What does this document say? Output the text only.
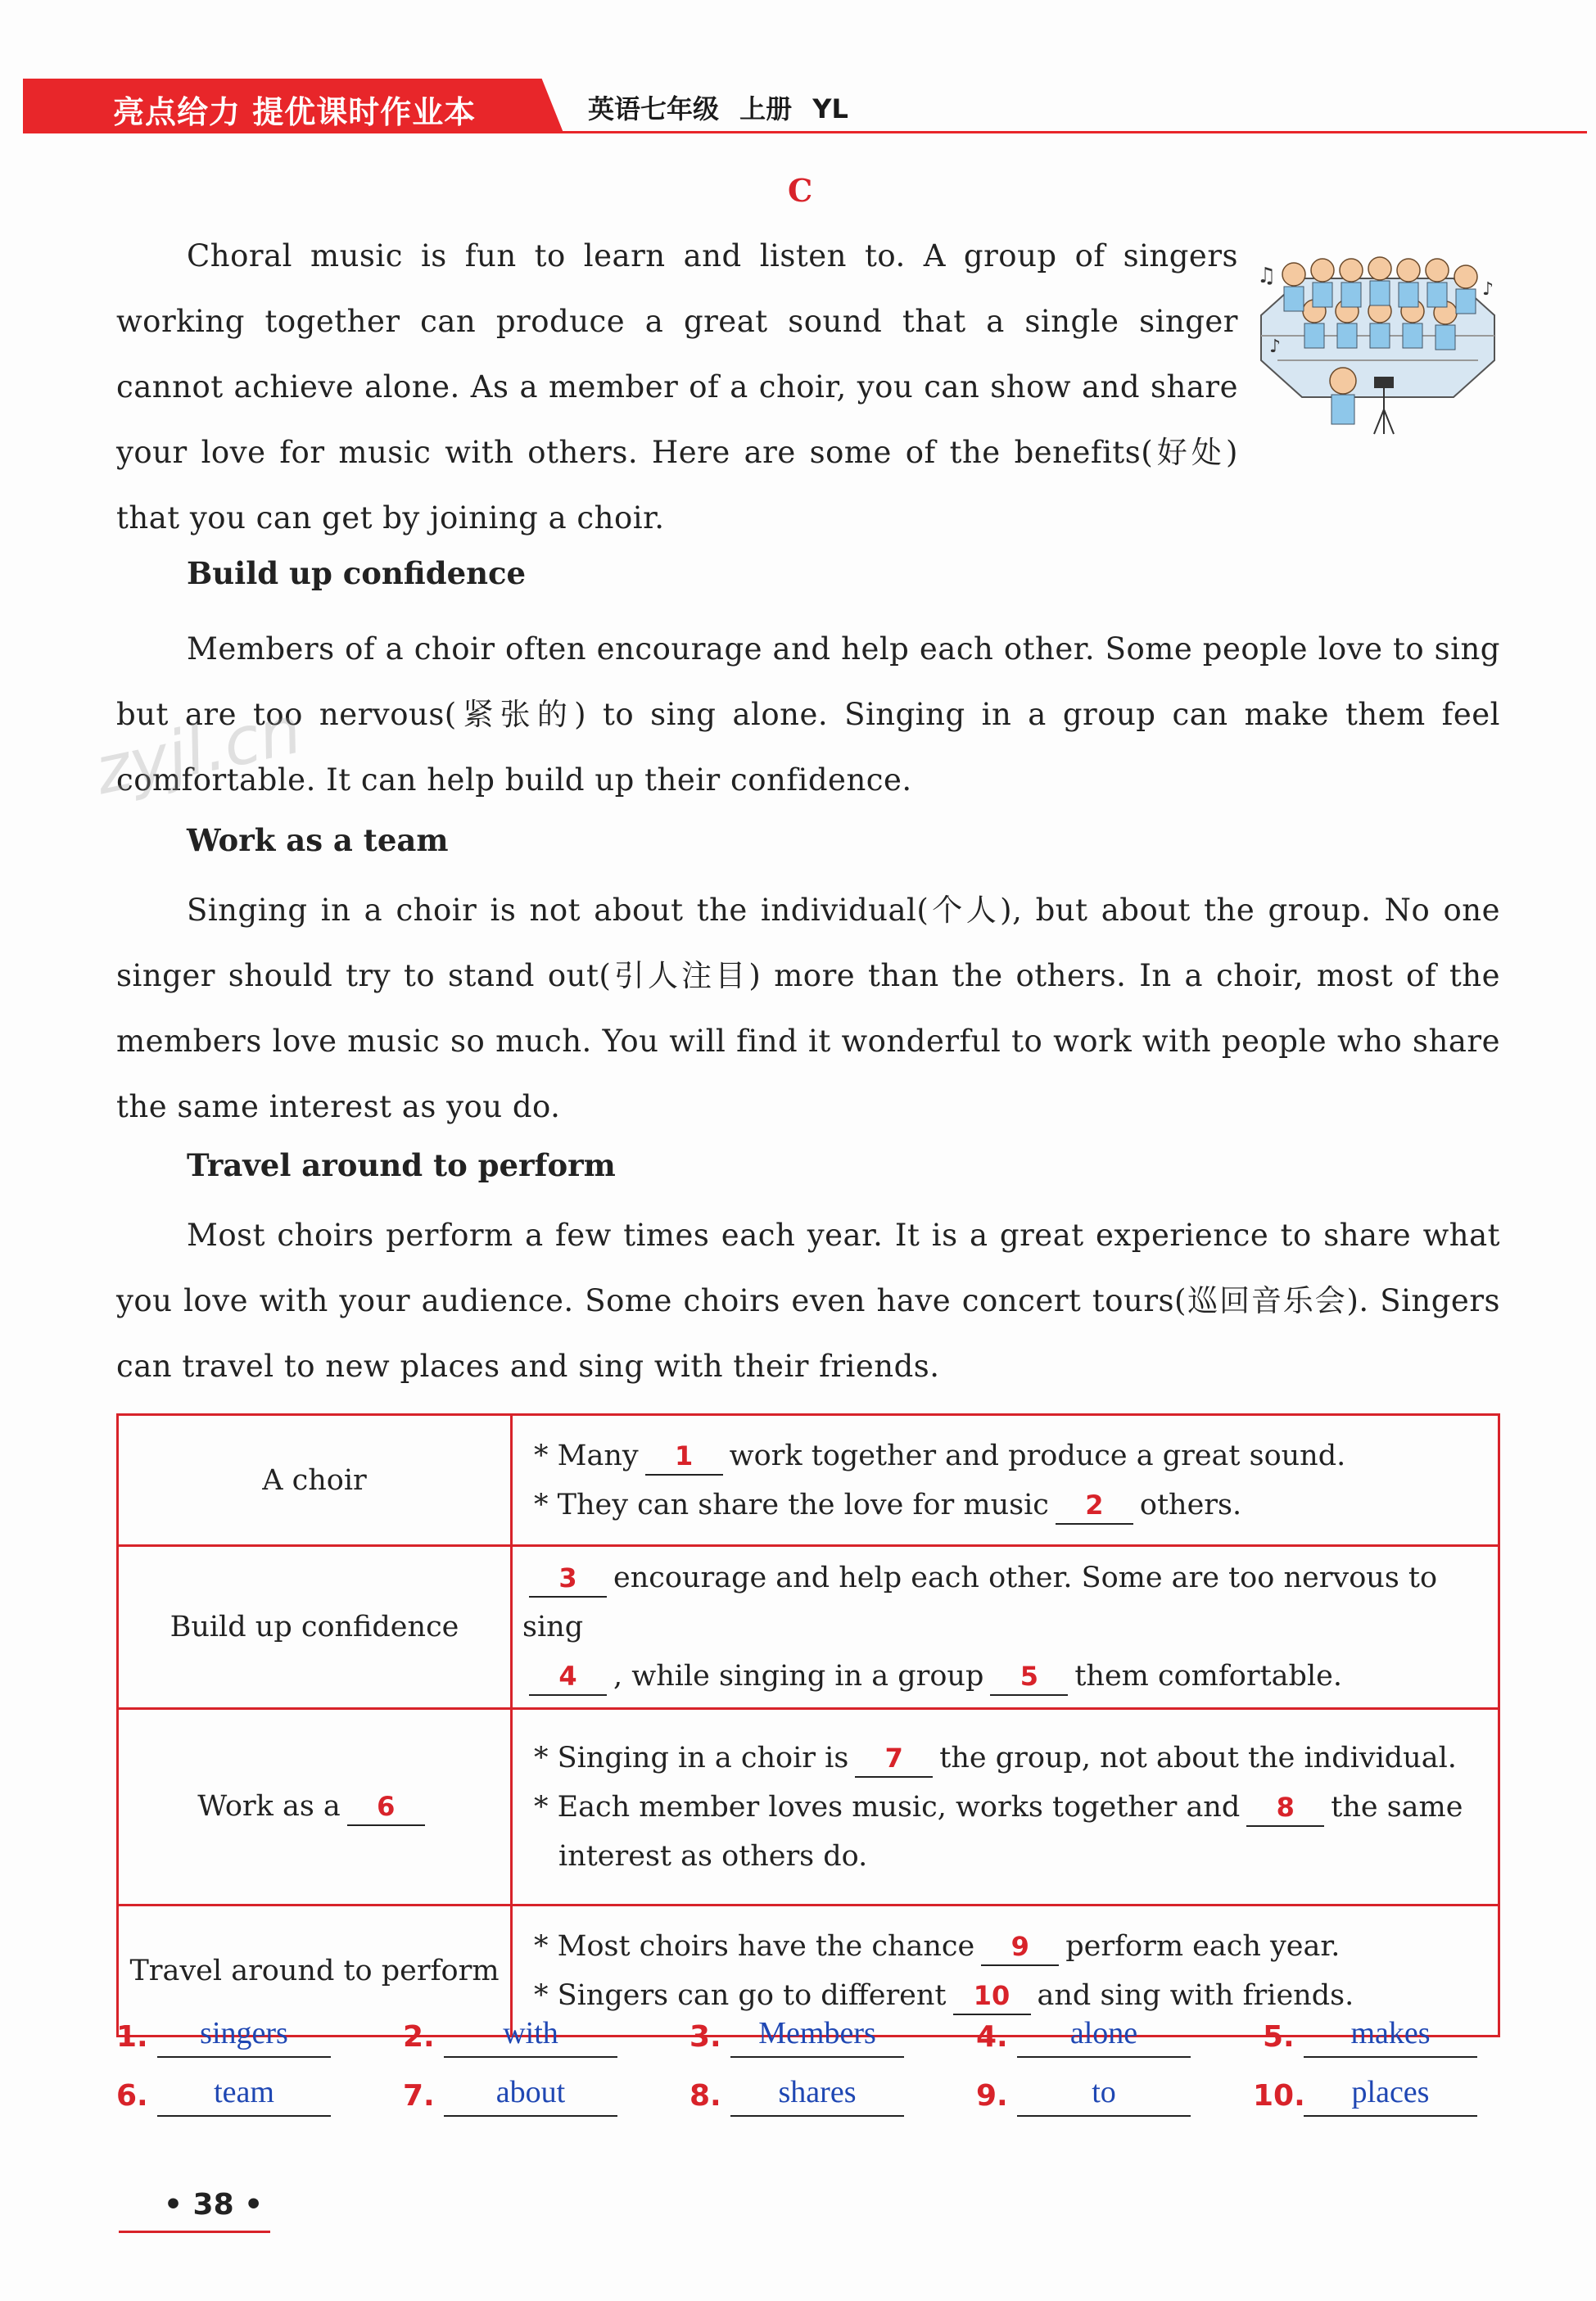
亮点给力 提优课时作业本	英语七年级 上册 YL
C
Choral music is fun to learn and listen to. A group of singers working together can produce a great sound that a single singer cannot achieve alone. As a member of a choir, you can show and share your love for music with others. Here are some of the benefits(好处) that you can get by joining a choir.
♫
♪
♪
Build up confidence
Members of a choir often encourage and help each other. Some people love to sing but are too nervous(紧张的) to sing alone. Singing in a group can make them feel comfortable. It can help build up their confidence.
zyjl.cn
Work as a team
Singing in a choir is not about the individual(个人), but about the group. No one singer should try to stand out(引人注目) more than the others. In a choir, most of the members love music so much. You will find it wonderful to work with people who share the same interest as you do.
Travel around to perform
Most choirs perform a few times each year. It is a great experience to share what you love with your audience. Some choirs even have concert tours(巡回音乐会). Singers can travel to new places and sing with their friends.
A choir	* Many 1 work together and produce a great sound.
* They can share the love for music 2 others.

Build up confidence	3 encourage and help each other. Some are too nervous to sing
4 , while singing in a group 5 them comfortable.

Work as a 6	* Singing in a choir is 7 the group, not about the individual.
* Each member loves music, works together and 8 the same
interest as others do.

Travel around to perform	* Most choirs have the chance 9 perform each year.
* Singers can go to different 10 and sing with friends.
1.	singers	2.	with	3.	Members	4.	alone	5.	makes
6.	team	7.	about	8.	shares	9.	to	10.	places
• 38 •
